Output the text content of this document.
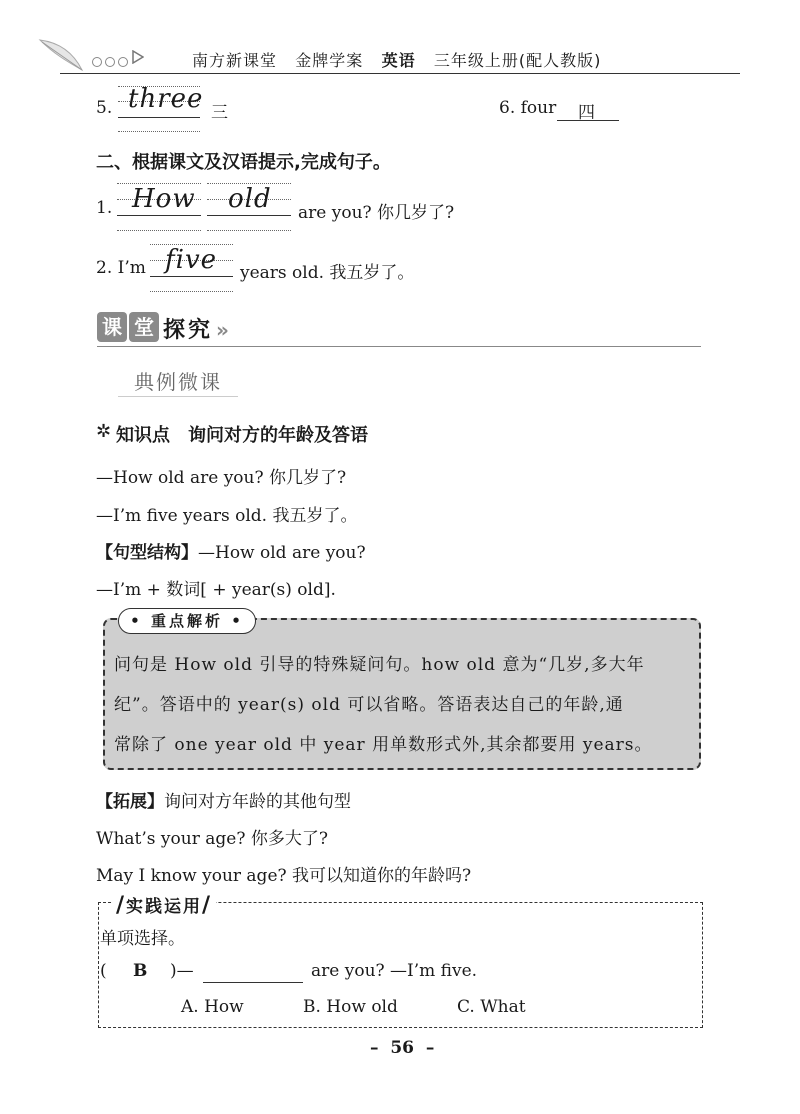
南方新课堂 金牌学案 英语 三年级上册(配人教版)
5. three 三	6. four 四
二、根据课文及汉语提示,完成句子。
1. How old are you? 你几岁了?
2. I’m five years old. 我五岁了。
课 堂 探究 »
典例微课
✲ 知识点　询问对方的年龄及答语
—How old are you? 你几岁了?
—I’m five years old. 我五岁了。
【句型结构】—How old are you?
—I’m + 数词[ + year(s) old].
• 重点解析 •
问句是 How old 引导的特殊疑问句。how old 意为“几岁,多大年
纪”。答语中的 year(s) old 可以省略。答语表达自己的年龄,通
常除了 one year old 中 year 用单数形式外,其余都要用 years。
【拓展】询问对方年龄的其他句型
What’s your age? 你多大了?
May I know your age? 我可以知道你的年龄吗?
/实践运用/
单项选择。
( B )—	are you? —I’m five.
A. How	B. How old	C. What
–  56  –
